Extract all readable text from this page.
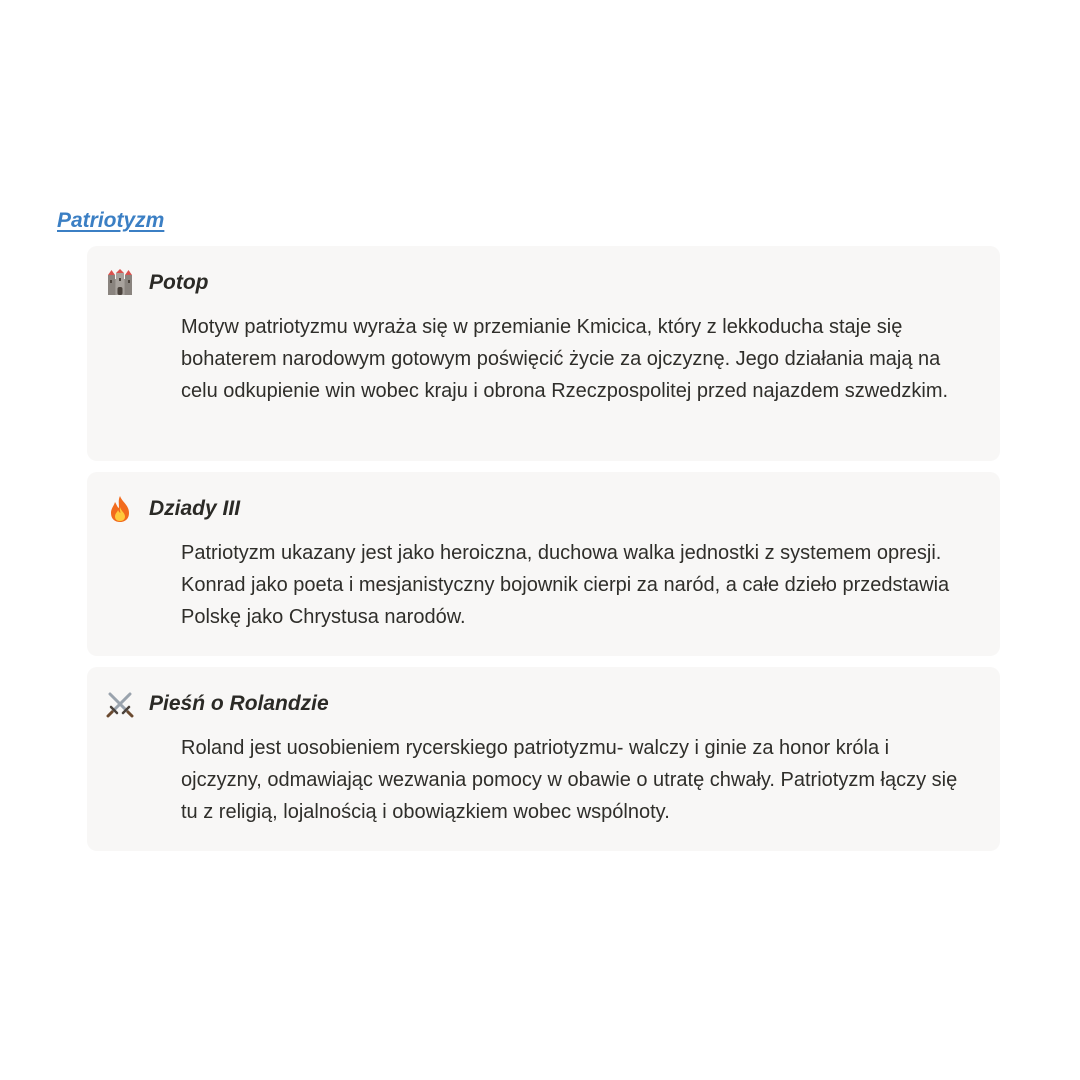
Patriotyzm
Potop
Motyw patriotyzmu wyraża się w przemianie Kmicica, który z lekkoducha staje się bohaterem narodowym gotowym poświęcić życie za ojczyznę. Jego działania mają na celu odkupienie win wobec kraju i obrona Rzeczpospolitej przed najazdem szwedzkim.
Dziady III
Patriotyzm ukazany jest jako heroiczna, duchowa walka jednostki z systemem opresji. Konrad jako poeta i mesjanistyczny bojownik cierpi za naród, a całe dzieło przedstawia Polskę jako Chrystusa narodów.
Pieśń o Rolandzie
Roland jest uosobieniem rycerskiego patriotyzmu- walczy i ginie za honor króla i ojczyzny, odmawiając wezwania pomocy w obawie o utratę chwały. Patriotyzm łączy się tu z religią, lojalnością i obowiązkiem wobec wspólnoty.
